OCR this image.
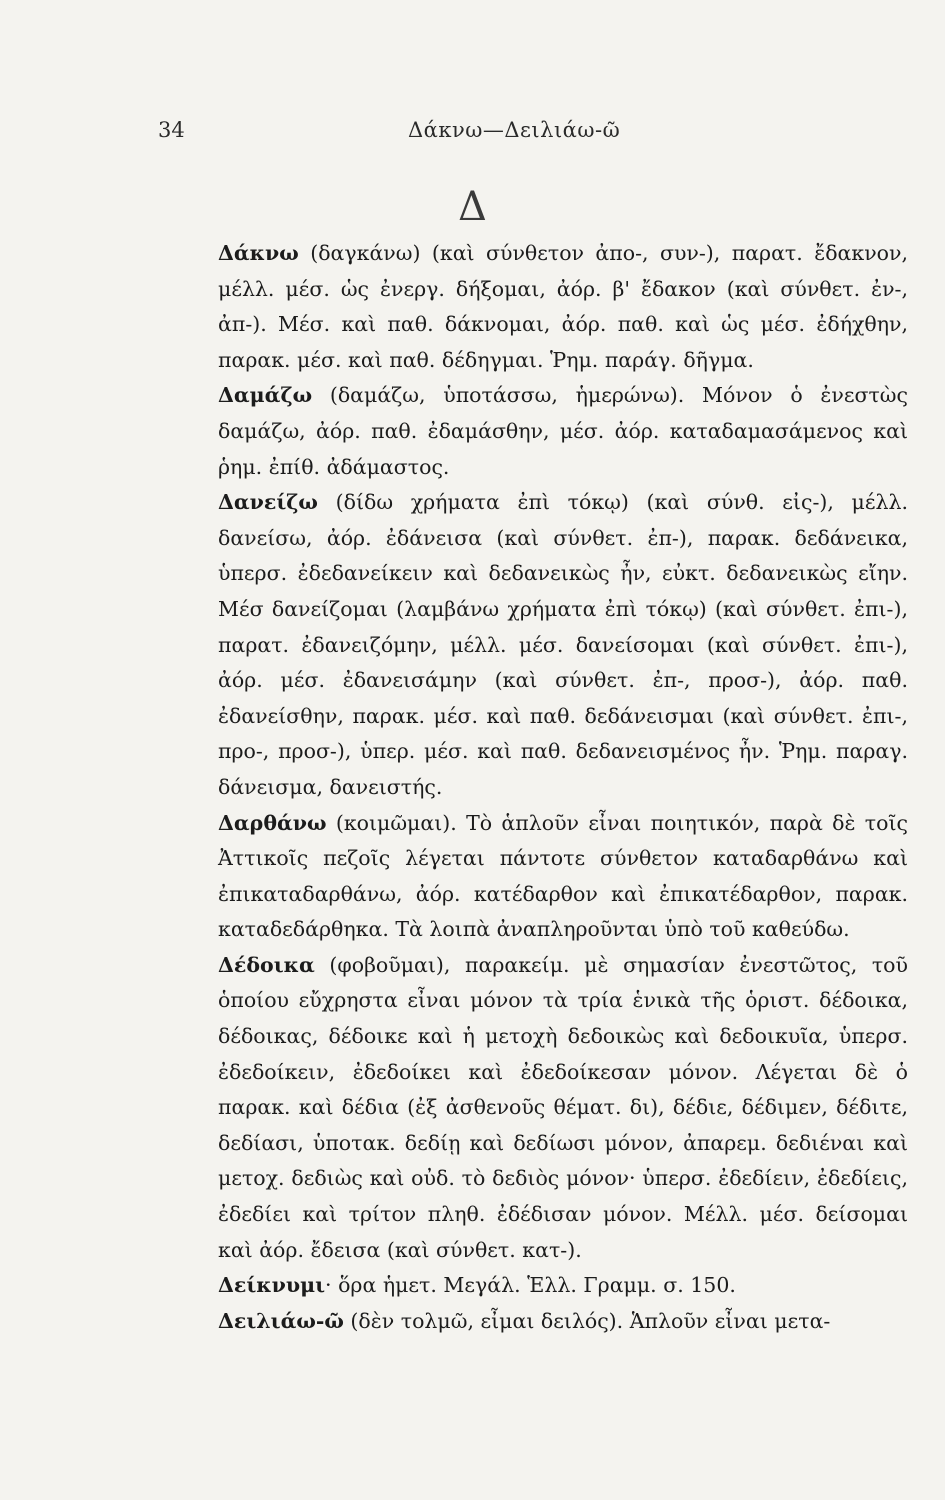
34	Δάκνω—Δειλιάω-ῶ
Δ

Δάκνω (δαγκάνω) (καὶ σύνθετον ἀπο-, συν-), παρατ. ἔδακνον, μέλλ. μέσ. ὡς ἐνεργ. δήξομαι, ἀόρ. β' ἔδακον (καὶ σύνθετ. ἐν-, ἀπ-). Μέσ. καὶ παθ. δάκνομαι, ἀόρ. παθ. καὶ ὡς μέσ. ἐδήχθην, παρακ. μέσ. καὶ παθ. δέδηγμαι. Ῥημ. παράγ. δῆγμα.

Δαμάζω (δαμάζω, ὑποτάσσω, ἡμερώνω). Μόνον ὁ ἐνεστὼς δαμάζω, ἀόρ. παθ. ἐδαμάσθην, μέσ. ἀόρ. καταδαμασάμενος καὶ ῥημ. ἐπίθ. ἀδάμαστος.

Δανείζω (δίδω χρήματα ἐπὶ τόκῳ) (καὶ σύνθ. εἰς-), μέλλ. δανείσω, ἀόρ. ἐδάνεισα (καὶ σύνθετ. ἐπ-), παρακ. δεδάνεικα, ὑπερσ. ἐδεδανείκειν καὶ δεδανεικὼς ἦν, εὐκτ. δεδανεικὼς εἴην. Μέσ δανείζομαι (λαμβάνω χρήματα ἐπὶ τόκῳ) (καὶ σύνθετ. ἐπι-), παρατ. ἐδανειζόμην, μέλλ. μέσ. δανείσομαι (καὶ σύνθετ. ἐπι-), ἀόρ. μέσ. ἐδανεισάμην (καὶ σύνθετ. ἐπ-, προσ-), ἀόρ. παθ. ἐδανείσθην, παρακ. μέσ. καὶ παθ. δεδάνεισμαι (καὶ σύνθετ. ἐπι-, προ-, προσ-), ὑπερ. μέσ. καὶ παθ. δεδανεισμένος ἦν. Ῥημ. παραγ. δάνεισμα, δανειστής.

Δαρθάνω (κοιμῶμαι). Τὸ ἁπλοῦν εἶναι ποιητικόν, παρὰ δὲ τοῖς Ἀττικοῖς πεζοῖς λέγεται πάντοτε σύνθετον καταδαρθάνω καὶ ἐπικαταδαρθάνω, ἀόρ. κατέδαρθον καὶ ἐπικατέδαρθον, παρακ. καταδεδάρθηκα. Τὰ λοιπὰ ἀναπληροῦνται ὑπὸ τοῦ καθεύδω.

Δέδοικα (φοβοῦμαι), παρακείμ. μὲ σημασίαν ἐνεστῶτος, τοῦ ὁποίου εὔχρηστα εἶναι μόνον τὰ τρία ἑνικὰ τῆς ὁριστ. δέδοικα, δέδοικας, δέδοικε καὶ ἡ μετοχὴ δεδοικὼς καὶ δεδοικυῖα, ὑπερσ. ἐδεδοίκειν, ἐδεδοίκει καὶ ἐδεδοίκεσαν μόνον. Λέγεται δὲ ὁ παρακ. καὶ δέδια (ἐξ ἀσθενοῦς θέματ. δι), δέδιε, δέδιμεν, δέδιτε, δεδίασι, ὑποτακ. δεδίῃ καὶ δεδίωσι μόνον, ἀπαρεμ. δεδιέναι καὶ μετοχ. δεδιὼς καὶ οὐδ. τὸ δεδιὸς μόνον· ὑπερσ. ἐδεδίειν, ἐδεδίεις, ἐδεδίει καὶ τρίτον πληθ. ἐδέδισαν μόνον. Μέλλ. μέσ. δείσομαι καὶ ἀόρ. ἔδεισα (καὶ σύνθετ. κατ-).

Δείκνυμι· ὅρα ἡμετ. Μεγάλ. Ἑλλ. Γραμμ. σ. 150.

Δειλιάω-ῶ (δὲν τολμῶ, εἶμαι δειλός). Ἁπλοῦν εἶναι μετα-
